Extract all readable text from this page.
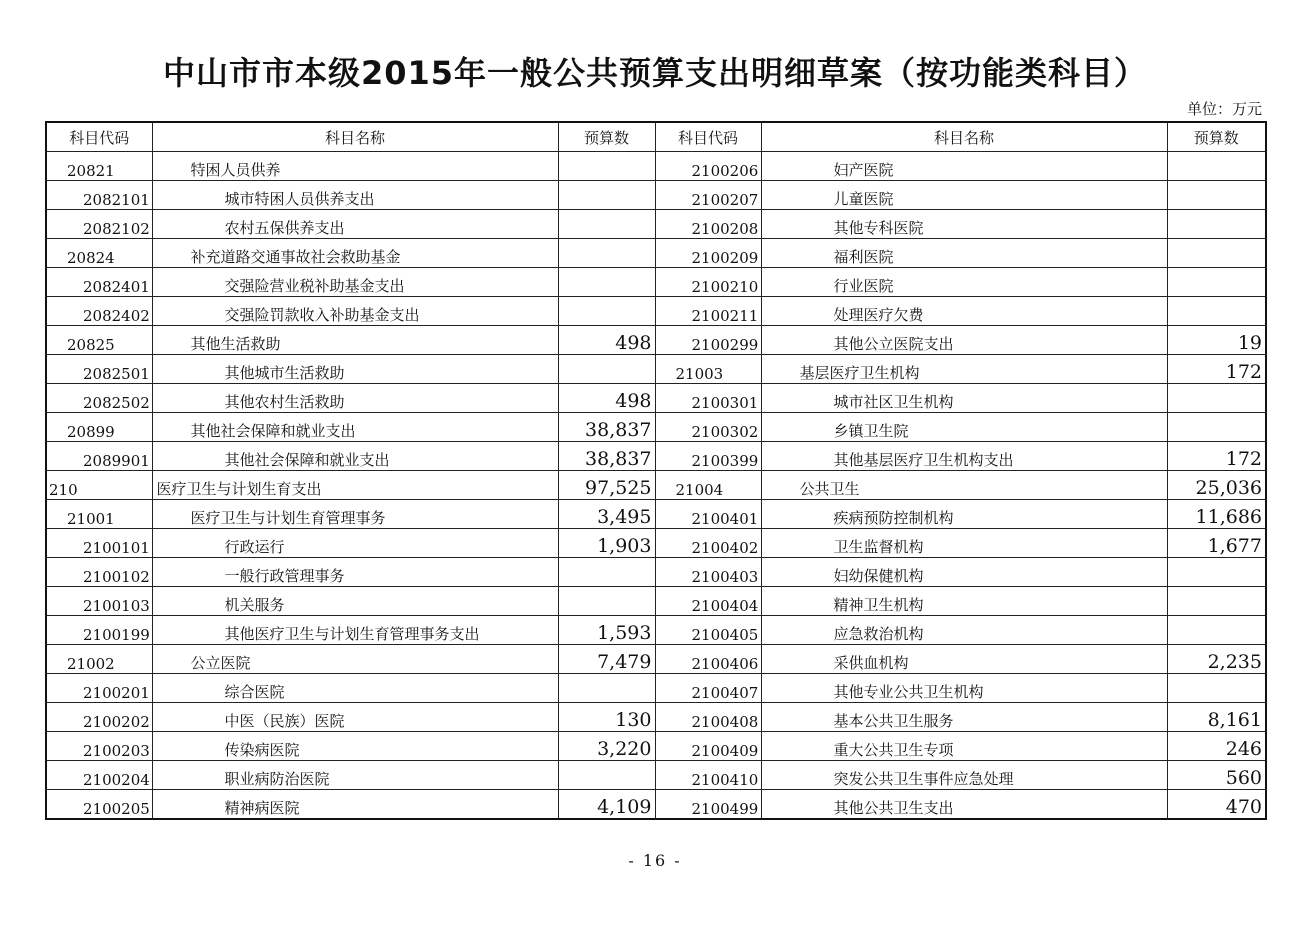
中山市市本级2015年一般公共预算支出明细草案（按功能类科目）
单位：万元
科目代码	科目名称	预算数	科目代码	科目名称	预算数
20821	特困人员供养		2100206	妇产医院	
2082101	城市特困人员供养支出		2100207	儿童医院	
2082102	农村五保供养支出		2100208	其他专科医院	
20824	补充道路交通事故社会救助基金		2100209	福利医院	
2082401	交强险营业税补助基金支出		2100210	行业医院	
2082402	交强险罚款收入补助基金支出		2100211	处理医疗欠费	
20825	其他生活救助	498	2100299	其他公立医院支出	19
2082501	其他城市生活救助		21003	基层医疗卫生机构	172
2082502	其他农村生活救助	498	2100301	城市社区卫生机构	
20899	其他社会保障和就业支出	38,837	2100302	乡镇卫生院	
2089901	其他社会保障和就业支出	38,837	2100399	其他基层医疗卫生机构支出	172
210	医疗卫生与计划生育支出	97,525	21004	公共卫生	25,036
21001	医疗卫生与计划生育管理事务	3,495	2100401	疾病预防控制机构	11,686
2100101	行政运行	1,903	2100402	卫生监督机构	1,677
2100102	一般行政管理事务		2100403	妇幼保健机构	
2100103	机关服务		2100404	精神卫生机构	
2100199	其他医疗卫生与计划生育管理事务支出	1,593	2100405	应急救治机构	
21002	公立医院	7,479	2100406	采供血机构	2,235
2100201	综合医院		2100407	其他专业公共卫生机构	
2100202	中医（民族）医院	130	2100408	基本公共卫生服务	8,161
2100203	传染病医院	3,220	2100409	重大公共卫生专项	246
2100204	职业病防治医院		2100410	突发公共卫生事件应急处理	560
2100205	精神病医院	4,109	2100499	其他公共卫生支出	470
- 16 -
